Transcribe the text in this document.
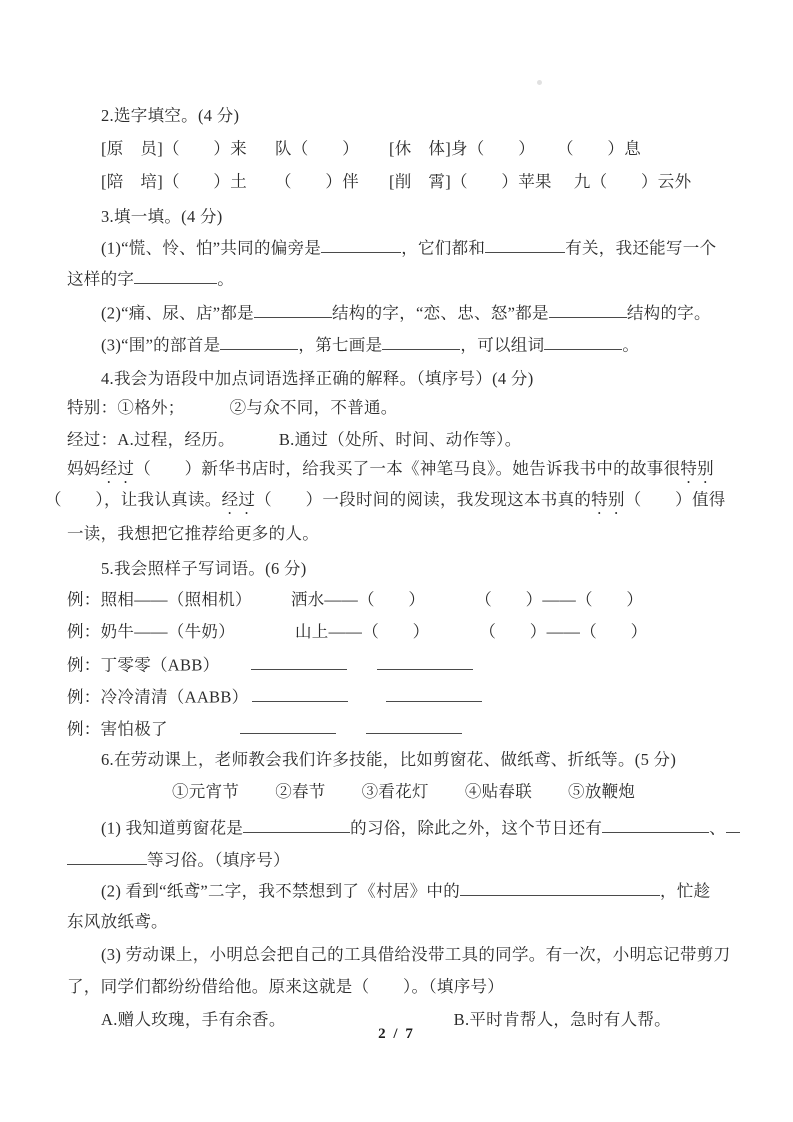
2.选字填空。(4 分)
[原　员]（　　）来 队（　　） [休　体]身（　　） （　　）息
[陪　培]（　　）土 （　　）伴 [削　霄]（　　）苹果 九（　　）云外
3.填一填。(4 分)
(1)“慌、怜、怕”共同的偏旁是	，它们都和	有关，我还能写一个
这样的字	。
(2)“痛、尿、店”都是	结构的字，“恋、忠、怒”都是	结构的字。
(3)“围”的部首是	，第七画是	，可以组词	。
4.我会为语段中加点词语选择正确的解释。（填序号）(4 分)
特别：①格外；	②与众不同，不普通。
经过：A.过程，经历。	B.通过（处所、时间、动作等）。
妈妈经过（　　）新华书店时，给我买了一本《神笔马良》。她告诉我书中的故事很特别
（　　），让我认真读。经过（　　）一段时间的阅读，我发现这本书真的特别（　　）值得
一读，我想把它推荐给更多的人。
5.我会照样子写词语。(6 分)
例：照相——（照相机） 洒水——（　　）	（　　）——（　　）
例：奶牛——（牛奶）	山上——（　　）	（　　）——（　　）
例：丁零零（ABB）
例：冷冷清清（AABB）
例：害怕极了
6.在劳动课上，老师教会我们许多技能，比如剪窗花、做纸鸢、折纸等。(5 分)
①元宵节 ②春节 ③看花灯 ④贴春联 ⑤放鞭炮
(1) 我知道剪窗花是	的习俗，除此之外，这个节日还有	、
等习俗。（填序号）
(2) 看到“纸鸢”二字，我不禁想到了《村居》中的	，忙趁
东风放纸鸢。
(3) 劳动课上，小明总会把自己的工具借给没带工具的同学。有一次，小明忘记带剪刀
了，同学们都纷纷借给他。原来这就是（　　）。（填序号）
A.赠人玫瑰，手有余香。	B.平时肯帮人，急时有人帮。
2 / 7
